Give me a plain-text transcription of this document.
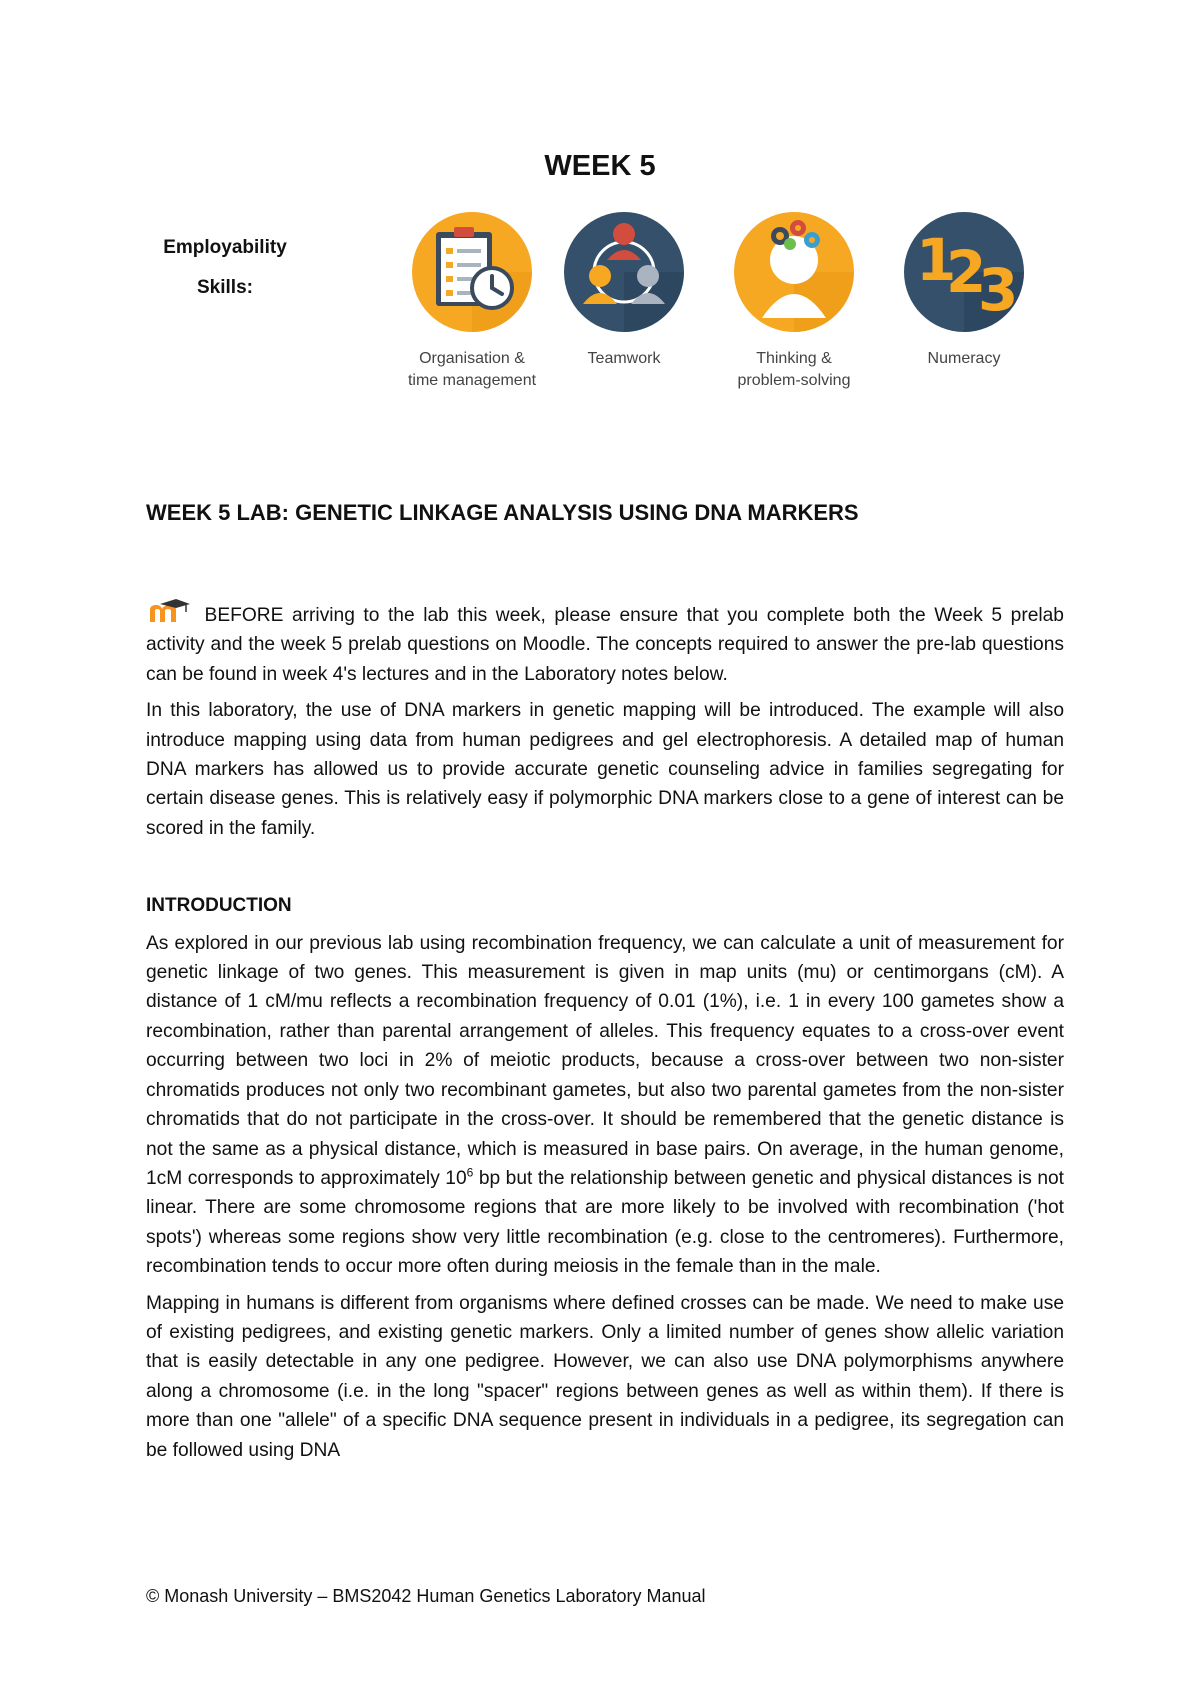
WEEK 5
Employability
Skills:
Organisation &
time management
Teamwork	Thinking &
problem-solving
1
2
3
Numeracy

WEEK 5 LAB: GENETIC LINKAGE ANALYSIS USING DNA MARKERS

BEFORE arriving to the lab this week, please ensure that you complete both the Week 5 prelab activity and the week 5 prelab questions on Moodle. The concepts required to answer the pre-lab questions can be found in week 4's lectures and in the Laboratory notes below.

In this laboratory, the use of DNA markers in genetic mapping will be introduced. The example will also introduce mapping using data from human pedigrees and gel electrophoresis. A detailed map of human DNA markers has allowed us to provide accurate genetic counseling advice in families segregating for certain disease genes. This is relatively easy if polymorphic DNA markers close to a gene of interest can be scored in the family.

INTRODUCTION

As explored in our previous lab using recombination frequency, we can calculate a unit of measurement for genetic linkage of two genes. This measurement is given in map units (mu) or centimorgans (cM). A distance of 1 cM/mu reflects a recombination frequency of 0.01 (1%), i.e. 1 in every 100 gametes show a recombination, rather than parental arrangement of alleles. This frequency equates to a cross-over event occurring between two loci in 2% of meiotic products, because a cross-over between two non-sister chromatids produces not only two recombinant gametes, but also two parental gametes from the non-sister chromatids that do not participate in the cross-over. It should be remembered that the genetic distance is not the same as a physical distance, which is measured in base pairs. On average, in the human genome, 1cM corresponds to approximately $10^6$ bp but the relationship between genetic and physical distances is not linear. There are some chromosome regions that are more likely to be involved with recombination ('hot spots') whereas some regions show very little recombination (e.g. close to the centromeres). Furthermore, recombination tends to occur more often during meiosis in the female than in the male.

Mapping in humans is different from organisms where defined crosses can be made. We need to make use of existing pedigrees, and existing genetic markers. Only a limited number of genes show allelic variation that is easily detectable in any one pedigree. However, we can also use DNA polymorphisms anywhere along a chromosome (i.e. in the long "spacer" regions between genes as well as within them). If there is more than one "allele" of a specific DNA sequence present in individuals in a pedigree, its segregation can be followed using DNA

© Monash University – BMS2042 Human Genetics Laboratory Manual
